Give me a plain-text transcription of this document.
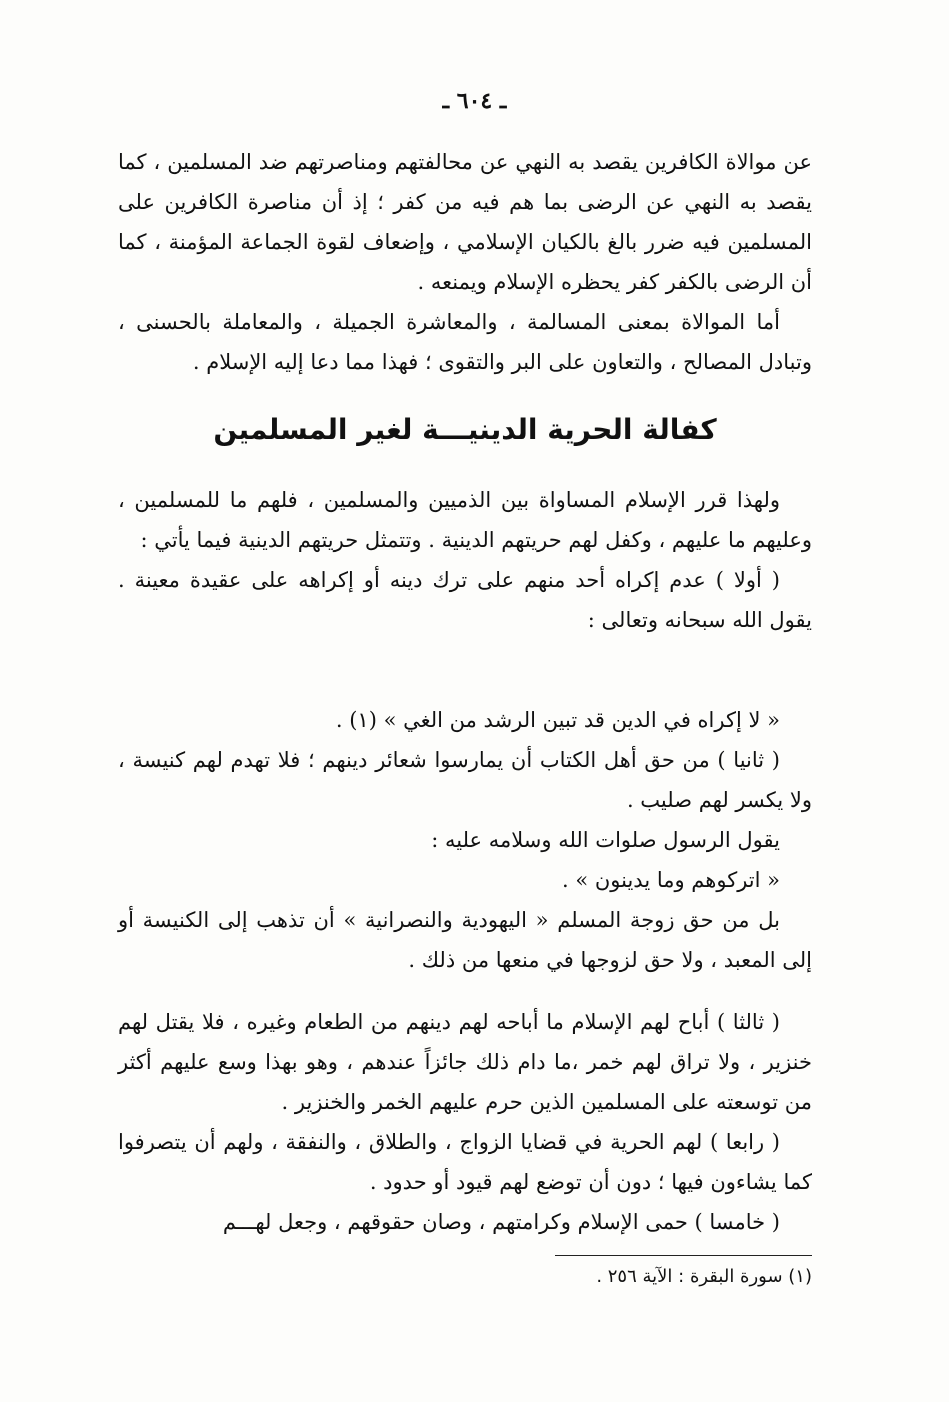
ـ ٦٠٤ ـ

عن موالاة الكافرين يقصد به النهي عن محالفتهم ومناصرتهم ضد المسلمين ، كما يقصد به النهي عن الرضى بما هم فيه من كفر ؛ إذ أن مناصرة الكافرين على المسلمين فيه ضرر بالغ بالكيان الإسلامي ، وإضعاف لقوة الجماعة المؤمنة ، كما أن الرضى بالكفر كفر يحظره الإسلام ويمنعه .

أما الموالاة بمعنى المسالمة ، والمعاشرة الجميلة ، والمعاملة بالحسنى ، وتبادل المصالح ، والتعاون على البر والتقوى ؛ فهذا مما دعا إليه الإسلام .

كفالة الحرية الدينيـــة لغير المسلمين

ولهذا قرر الإسلام المساواة بين الذميين والمسلمين ، فلهم ما للمسلمين ، وعليهم ما عليهم ، وكفل لهم حريتهم الدينية . وتتمثل حريتهم الدينية فيما يأتي :

( أولا ) عدم إكراه أحد منهم على ترك دينه أو إكراهه على عقيدة معينة . يقول الله سبحانه وتعالى :

« لا إكراه في الدين قد تبين الرشد من الغي » (١) .

( ثانيا ) من حق أهل الكتاب أن يمارسوا شعائر دينهم ؛ فلا تهدم لهم كنيسة ، ولا يكسر لهم صليب .

يقول الرسول صلوات الله وسلامه عليه :

« اتركوهم وما يدينون » .

بل من حق زوجة المسلم « اليهودية والنصرانية » أن تذهب إلى الكنيسة أو إلى المعبد ، ولا حق لزوجها في منعها من ذلك .

( ثالثا ) أباح لهم الإسلام ما أباحه لهم دينهم من الطعام وغيره ، فلا يقتل لهم خنزير ، ولا تراق لهم خمر ،ما دام ذلك جائزاً عندهم ، وهو بهذا وسع عليهم أكثر من توسعته على المسلمين الذين حرم عليهم الخمر والخنزير .

( رابعا ) لهم الحرية في قضايا الزواج ، والطلاق ، والنفقة ، ولهم أن يتصرفوا كما يشاءون فيها ؛ دون أن توضع لهم قيود أو حدود .

( خامسا ) حمى الإسلام وكرامتهم ، وصان حقوقهم ، وجعل لهـــم

(١) سورة البقرة : الآية ٢٥٦ .
